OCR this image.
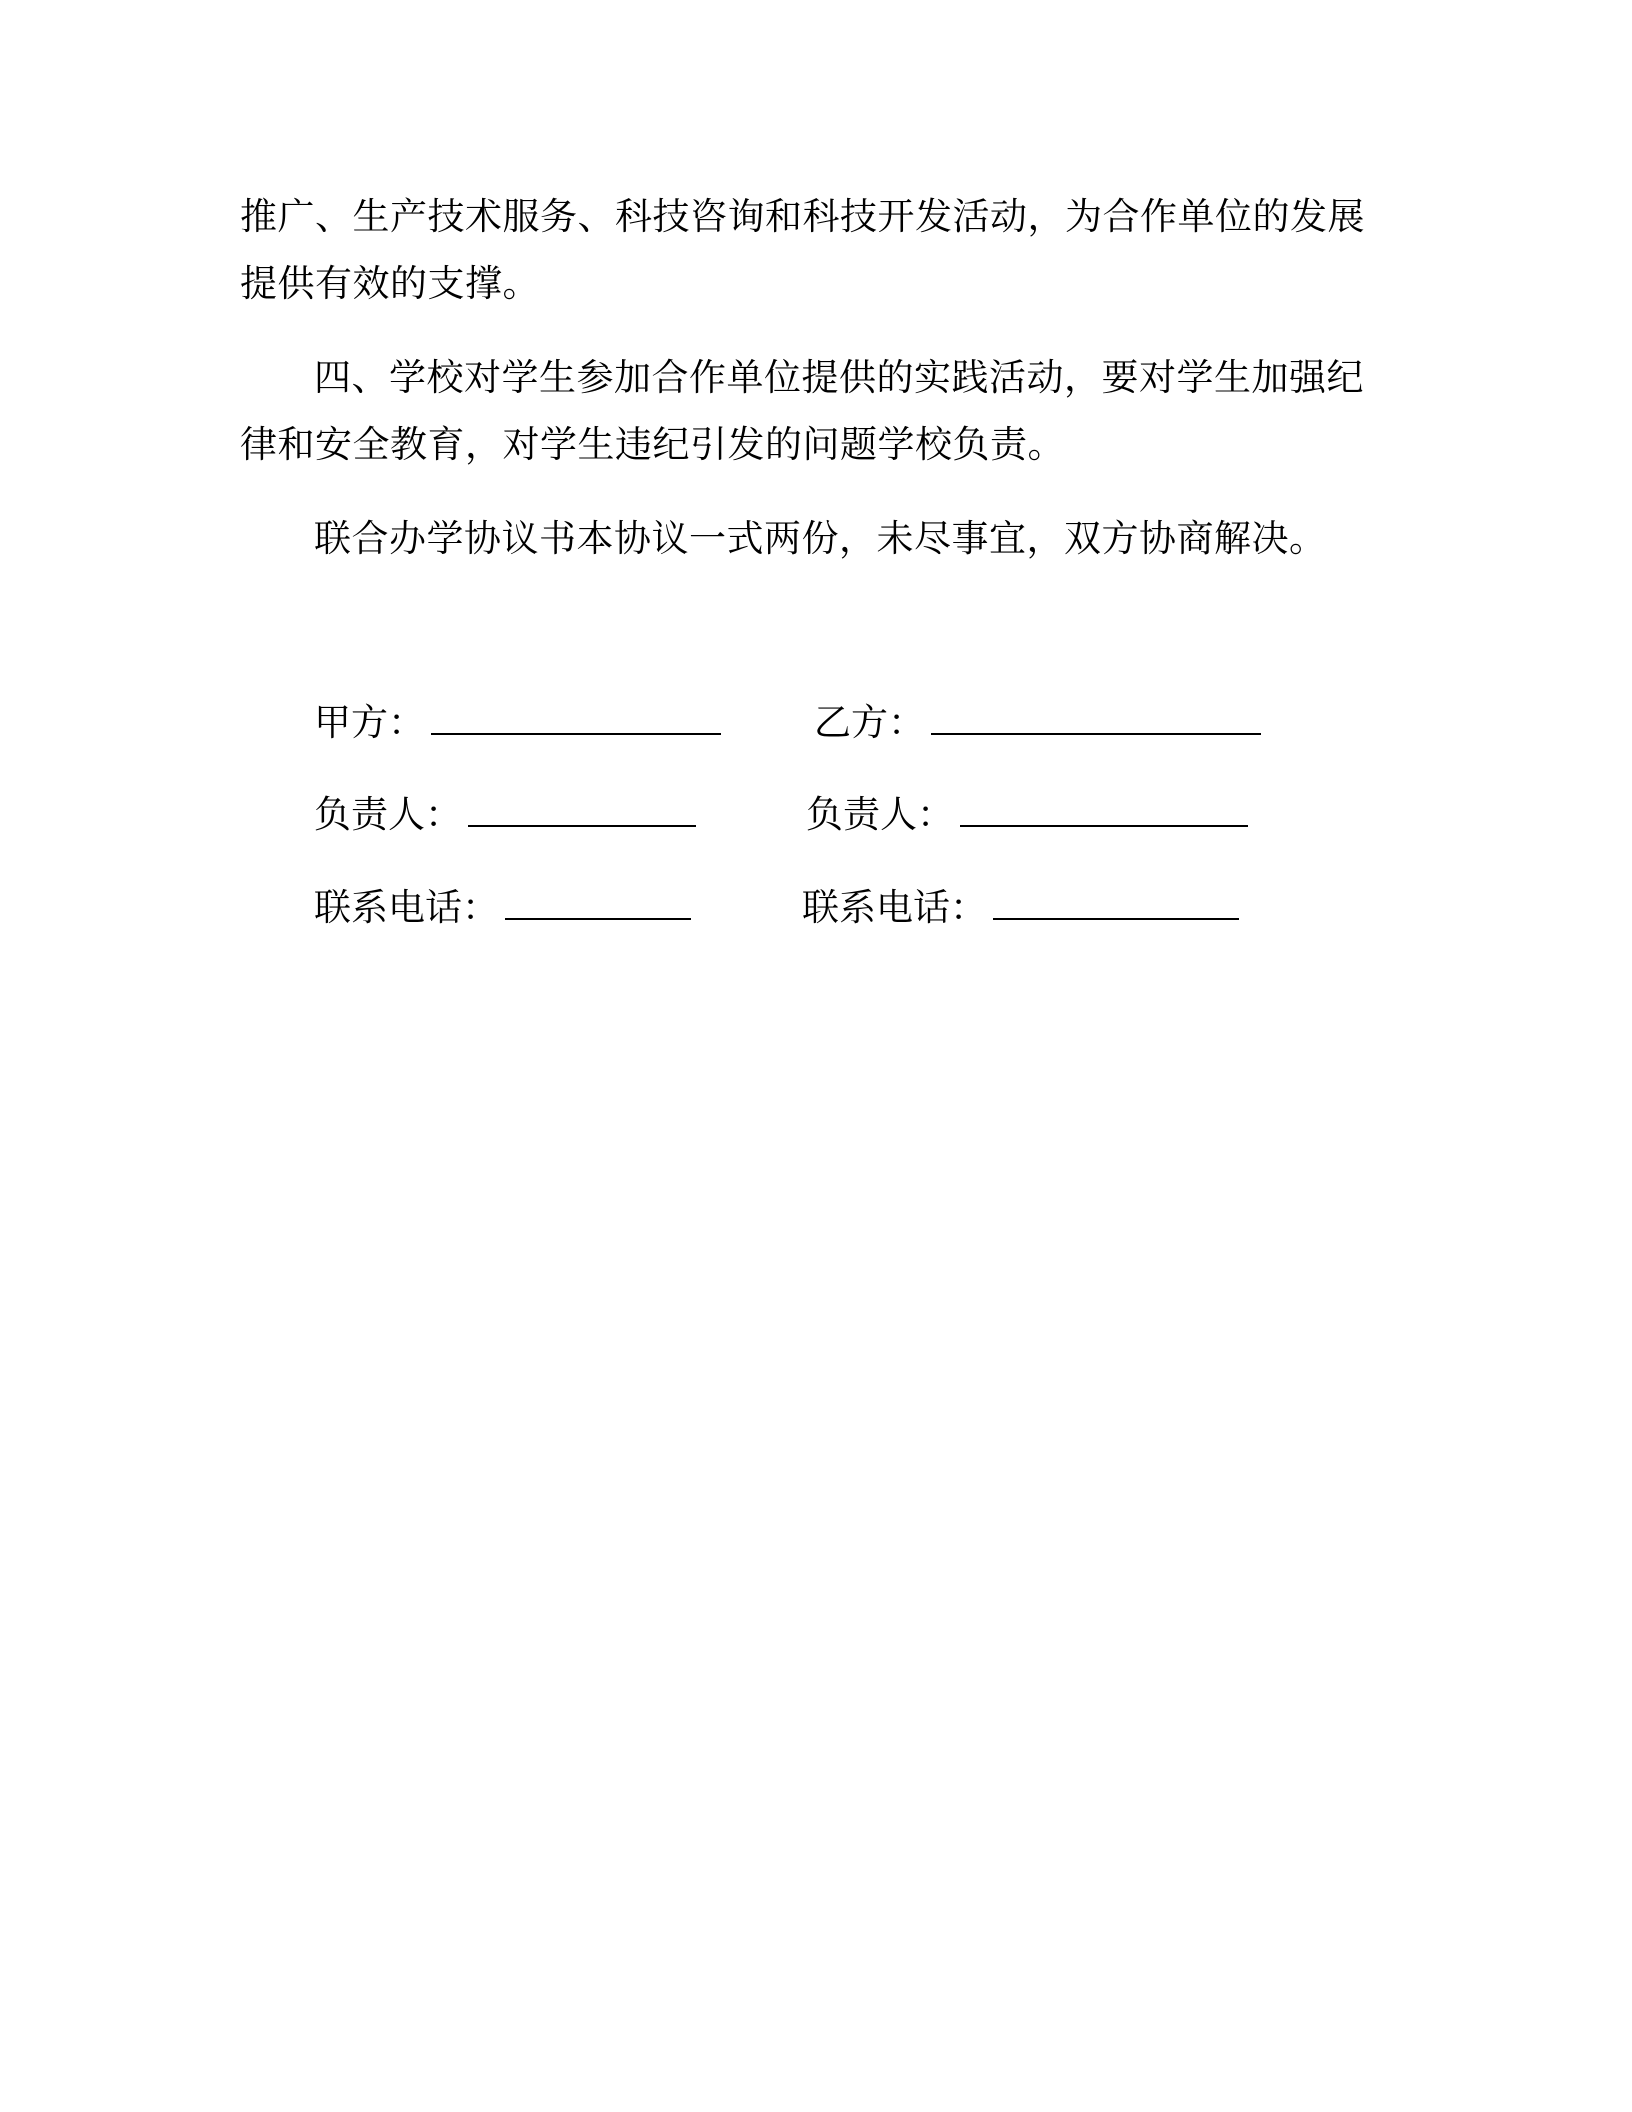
推广、生产技术服务、科技咨询和科技开发活动，为合作单位的发展
提供有效的支撑。
四、学校对学生参加合作单位提供的实践活动，要对学生加强纪
律和安全教育，对学生违纪引发的问题学校负责。
联合办学协议书本协议一式两份，未尽事宜，双方协商解决。
甲方：
负责人：
联系电话：
乙方：
负责人：
联系电话：
